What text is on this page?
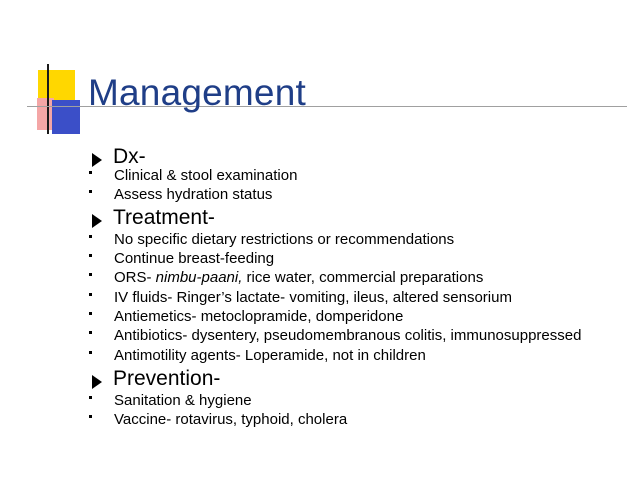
Management
Dx-
Clinical & stool examination
Assess hydration status
Treatment-
No specific dietary restrictions or recommendations
Continue breast-feeding
ORS- nimbu-paani, rice water, commercial preparations
IV fluids- Ringer’s lactate- vomiting, ileus, altered sensorium
Antiemetics- metoclopramide, domperidone
Antibiotics- dysentery, pseudomembranous colitis, immunosuppressed
Antimotility agents- Loperamide, not in children
Prevention-
Sanitation & hygiene
Vaccine- rotavirus, typhoid, cholera
